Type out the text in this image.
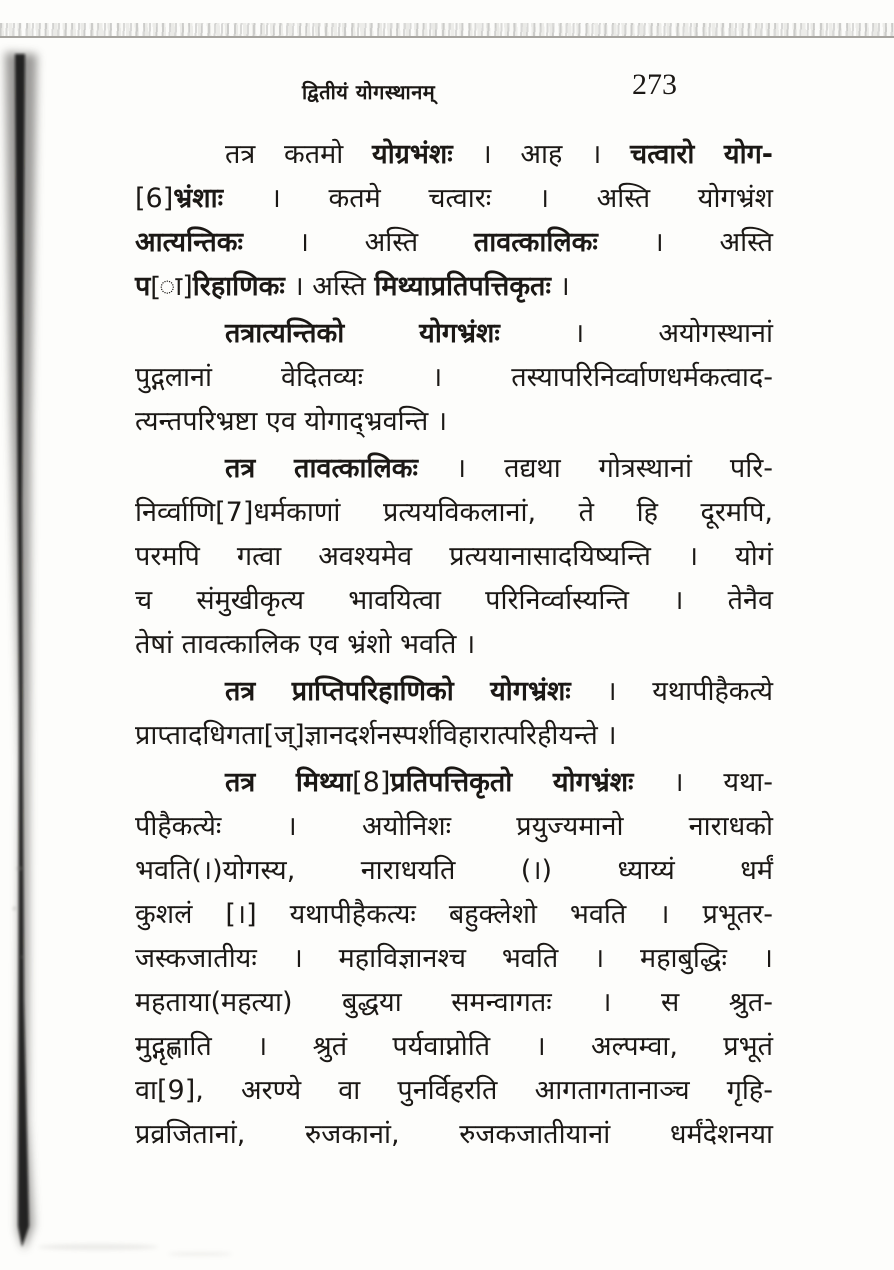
द्वितीयं योगस्थानम्	273
तत्र कतमो योग्रभंशः । आह । चत्वारो योग-
[6]भ्रंशाः । कतमे चत्वारः । अस्ति योगभ्रंश
आत्यन्तिकः । अस्ति तावत्कालिकः । अस्ति
प[ा]रिहाणिकः । अस्ति मिथ्याप्रतिपत्तिकृतः ।
तत्रात्यन्तिको योगभ्रंशः । अयोगस्थानां
पुद्गलानां वेदितव्यः । तस्यापरिनिर्व्वाणधर्मकत्वाद-
त्यन्तपरिभ्रष्टा एव योगाद्भ्रवन्ति ।
तत्र तावत्कालिकः । तद्यथा गोत्रस्थानां परि-
निर्व्वाणि[7]धर्मकाणां प्रत्ययविकलानां, ते हि दूरमपि,
परमपि गत्वा अवश्यमेव प्रत्ययानासादयिष्यन्ति । योगं
च संमुखीकृत्य भावयित्वा परिनिर्व्वास्यन्ति । तेनैव
तेषां तावत्कालिक एव भ्रंशो भवति ।
तत्र प्राप्तिपरिहाणिको योगभ्रंशः । यथापीहैकत्ये
प्राप्तादधिगता[ज्]ज्ञानदर्शनस्पर्शविहारात्परिहीयन्ते ।
तत्र मिथ्या[8]प्रतिपत्तिकृतो योगभ्रंशः । यथा-
पीहैकत्येः । अयोनिशः प्रयुज्यमानो नाराधको
भवति(।)योगस्य, नाराधयति (।) ध्याय्यं धर्मं
कुशलं [।] यथापीहैकत्यः बहुक्लेशो भवति । प्रभूतर-
जस्कजातीयः । महाविज्ञानश्च भवति । महाबुद्धिः ।
महताया(महत्या) बुद्धया समन्वागतः । स श्रुत-
मुद्गृह्णाति । श्रुतं पर्यवाप्नोति । अल्पम्वा, प्रभूतं
वा[9], अरण्ये वा पुनर्विहरति आगतागतानाञ्च गृहि-
प्रव्रजितानां, रुजकानां, रुजकजातीयानां धर्मंदेशनया
